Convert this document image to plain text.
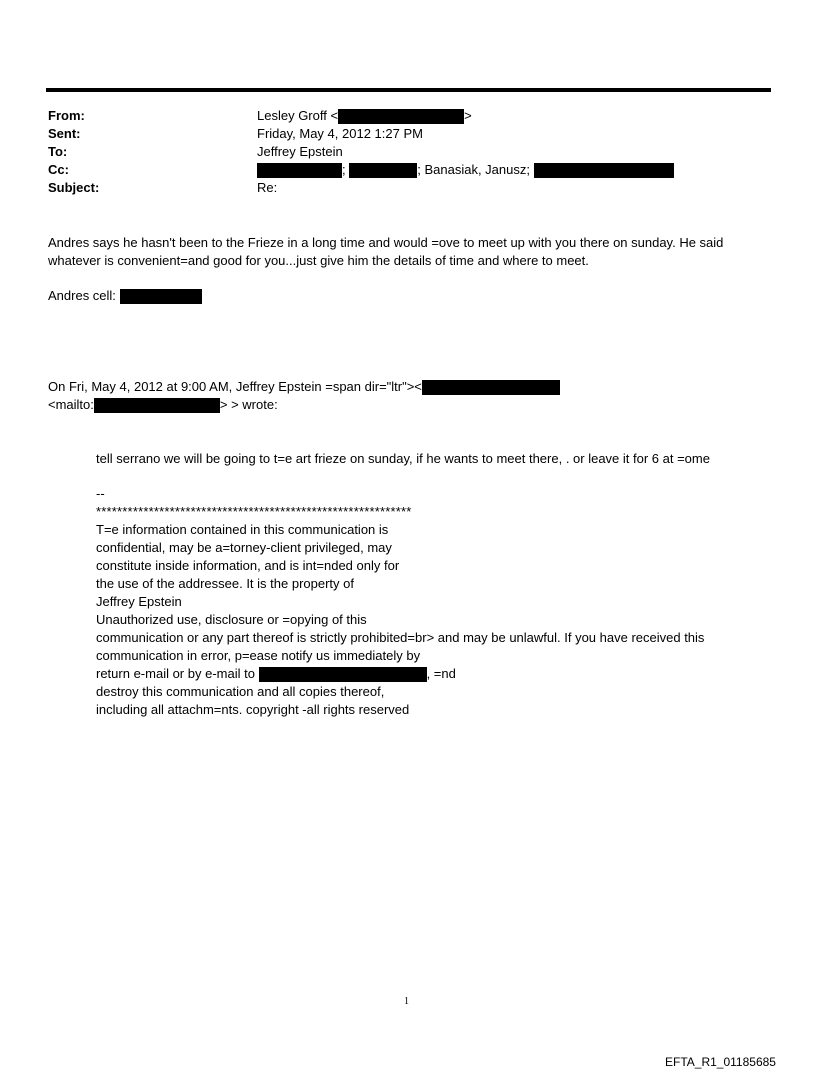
From:	Lesley Groff <	>
Sent:	Friday, May 4, 2012 1:27 PM
To:	Jeffrey Epstein
Cc:	;	; Banasiak, Janusz;
Subject:	Re:
Andres says he hasn't been to the Frieze in a long time and would =ove to meet up with you there on sunday. He said
whatever is convenient=and good for you...just give him the details of time and where to meet.
Andres cell:
On Fri, May 4, 2012 at 9:00 AM, Jeffrey Epstein =span dir="ltr"><
<mailto:	> > wrote:
tell serrano we will be going to t=e art frieze on sunday, if he wants to meet there, . or leave it for 6 at =ome
--
************************************************************
T=e information contained in this communication is
confidential, may be a=torney-client privileged, may
constitute inside information, and is int=nded only for
the use of the addressee. It is the property of
Jeffrey Epstein
Unauthorized use, disclosure or =opying of this
communication or any part thereof is strictly prohibited=br> and may be unlawful. If you have received this
communication in error, p=ease notify us immediately by
return e-mail or by e-mail to	, =nd
destroy this communication and all copies thereof,
including all attachm=nts. copyright -all rights reserved
1
EFTA_R1_01185685
